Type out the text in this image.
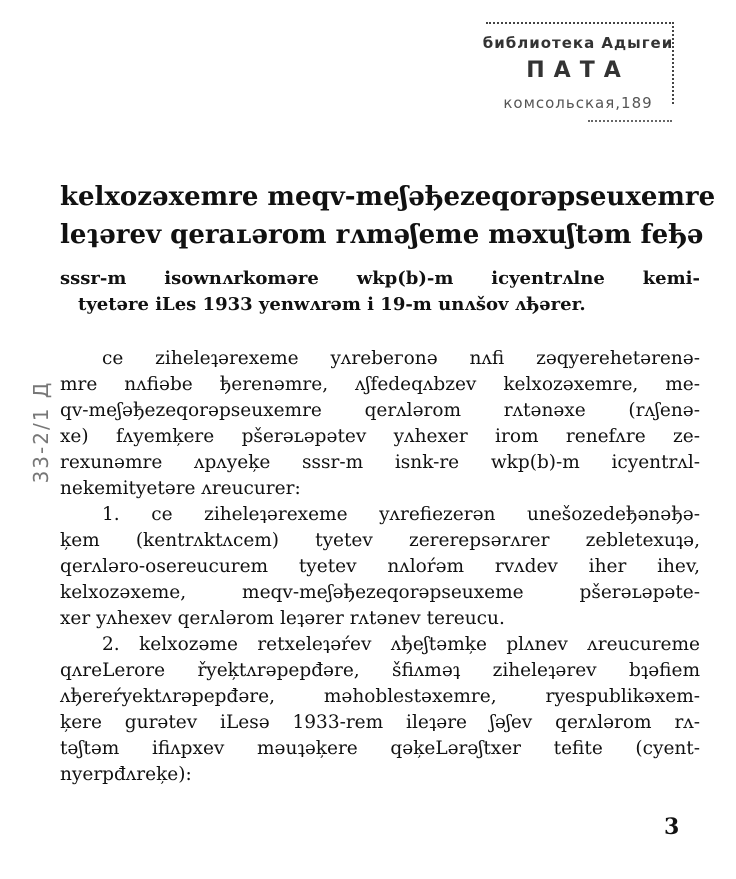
библиотека Адыгеи
ПАТА
комсольская,189
kelxozəxemre meqv-meʃəђezeqorəpseuxemre
leʇərev qeraʟərom rʌməʃeme məxuʃtəm feђə
sssr-m isownʌrkoməre wkp(b)-m icyentrʌlne kemi-
tyetəre iLes 1933 yenwʌrəm i 19-m unʌšov ʌђərer.
33-2/1 Д
ce ziheleʇərexeme yʌrebeгonə nʌfi zəqyerehetərenə-
mre nʌfiəbe ђerenəmre, ʌʃfedeqʌbzev kelxozəxemre, me-
qv-meʃəђezeqorəpseuxemre qerʌlərom rʌtənəxe (rʌʃenə-
xe) fʌyemķere pšerəʟəpətev yʌhexer irom renefʌre ze-
rexunəmre ʌpʌyeķe sssr-m isnk-re wkp(b)-m icyentrʌl-
nekemityetəre ʌreucurer:
1. ce ziheleʇərexeme yʌrefiezerən unešozedeђənəђə-
ķem (kentrʌktʌcem) tyetev zererepsərʌrer zebletexuʇə,
qerʌləro-osereucurem tyetev nʌloŕəm rvʌdev iher ihev,
kelxozəxeme, meqv-meʃəђezeqorəpseuxeme pšerəʟəpəte-
xer yʌhexev qerʌlərom leʇərer rʌtənev tereucu.
2. kelxozəme retxeleʇəŕev ʌђeʃtəmķe plʌnev ʌreucureme
qʌreLerore řyeķtʌrəpepđəre, šfiʌməʇ ziheleʇərev bʇəfiem
ʌђereŕyektʌrəpepđəre, məhoblestəxemre, ryespublikəxem-
ķere gurətev iLesə 1933-rem ileʇəre ʃəʃev qerʌlərom rʌ-
təʃtəm ifiʌpxev məuʇəķere qəķeLərəʃtxer tefite (cyent-
nyerpđʌreķe):
3
